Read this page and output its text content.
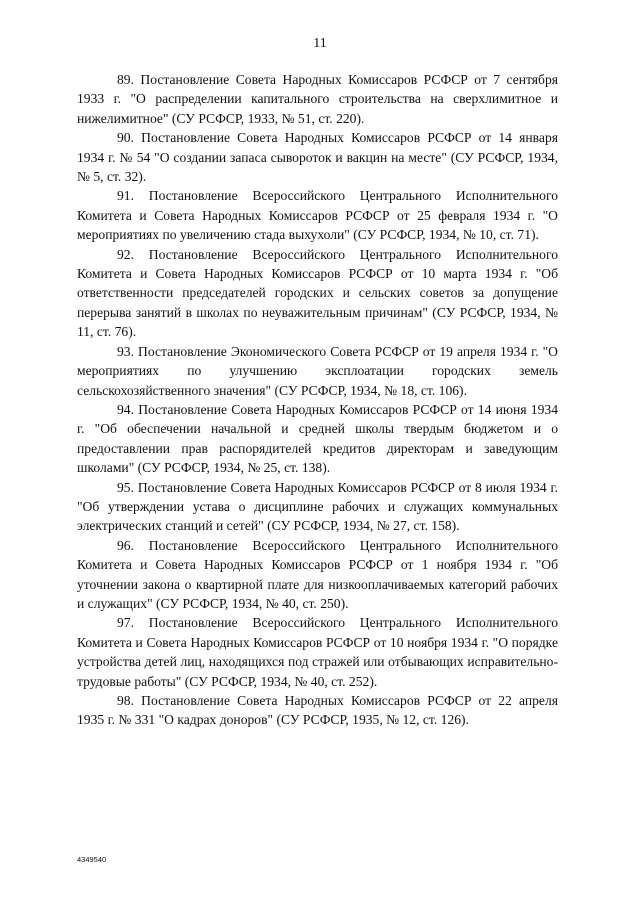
11

89. Постановление Совета Народных Комиссаров РСФСР от 7 сентября 1933 г. "О распределении капитального строительства на сверхлимитное и нижелимитное" (СУ РСФСР, 1933, № 51, ст. 220).

90. Постановление Совета Народных Комиссаров РСФСР от 14 января 1934 г. № 54 "О создании запаса сывороток и вакцин на месте" (СУ РСФСР, 1934, № 5, ст. 32).

91. Постановление Всероссийского Центрального Исполнительного Комитета и Совета Народных Комиссаров РСФСР от 25 февраля 1934 г. "О мероприятиях по увеличению стада выхухоли" (СУ РСФСР, 1934, № 10, ст. 71).

92. Постановление Всероссийского Центрального Исполнительного Комитета и Совета Народных Комиссаров РСФСР от 10 марта 1934 г. "Об ответственности председателей городских и сельских советов за допущение перерыва занятий в школах по неуважительным причинам" (СУ РСФСР, 1934, № 11, ст. 76).

93. Постановление Экономического Совета РСФСР от 19 апреля 1934 г. "О мероприятиях по улучшению эксплоатации городских земель сельскохозяйственного значения" (СУ РСФСР, 1934, № 18, ст. 106).

94. Постановление Совета Народных Комиссаров РСФСР от 14 июня 1934 г. "Об обеспечении начальной и средней школы твердым бюджетом и о предоставлении прав распорядителей кредитов директорам и заведующим школами" (СУ РСФСР, 1934, № 25, ст. 138).

95. Постановление Совета Народных Комиссаров РСФСР от 8 июля 1934 г. "Об утверждении устава о дисциплине рабочих и служащих коммунальных электрических станций и сетей" (СУ РСФСР, 1934, № 27, ст. 158).

96. Постановление Всероссийского Центрального Исполнительного Комитета и Совета Народных Комиссаров РСФСР от 1 ноября 1934 г. "Об уточнении закона о квартирной плате для низкооплачиваемых категорий рабочих и служащих" (СУ РСФСР, 1934, № 40, ст. 250).

97. Постановление Всероссийского Центрального Исполнительного Комитета и Совета Народных Комиссаров РСФСР от 10 ноября 1934 г. "О порядке устройства детей лиц, находящихся под стражей или отбывающих исправительно-трудовые работы" (СУ РСФСР, 1934, № 40, ст. 252).

98. Постановление Совета Народных Комиссаров РСФСР от 22 апреля 1935 г. № 331 "О кадрах доноров" (СУ РСФСР, 1935, № 12, ст. 126).

4349540
